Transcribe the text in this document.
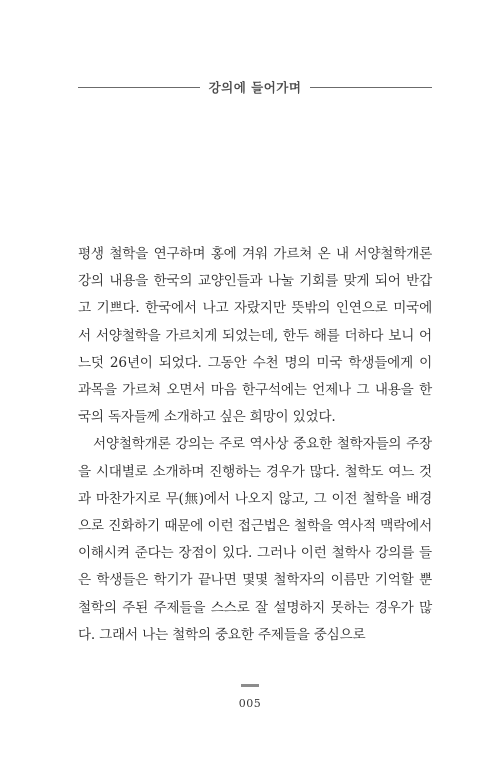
강의에 들어가며

평생 철학을 연구하며 홍에 겨워 가르쳐 온 내 서양철학개론 강의 내용을 한국의 교양인들과 나눌 기회를 맞게 되어 반갑고 기쁘다. 한국에서 나고 자랐지만 뜻밖의 인연으로 미국에서 서양철학을 가르치게 되었는데, 한두 해를 더하다 보니 어느덧 26년이 되었다. 그동안 수천 명의 미국 학생들에게 이 과목을 가르쳐 오면서 마음 한구석에는 언제나 그 내용을 한국의 독자들께 소개하고 싶은 희망이 있었다.

서양철학개론 강의는 주로 역사상 중요한 철학자들의 주장을 시대별로 소개하며 진행하는 경우가 많다. 철학도 여느 것과 마찬가지로 무(無)에서 나오지 않고, 그 이전 철학을 배경으로 진화하기 때문에 이런 접근법은 철학을 역사적 맥락에서 이해시켜 준다는 장점이 있다. 그러나 이런 철학사 강의를 들은 학생들은 학기가 끝나면 몇몇 철학자의 이름만 기억할 뿐 철학의 주된 주제들을 스스로 잘 설명하지 못하는 경우가 많다. 그래서 나는 철학의 중요한 주제들을 중심으로

005
